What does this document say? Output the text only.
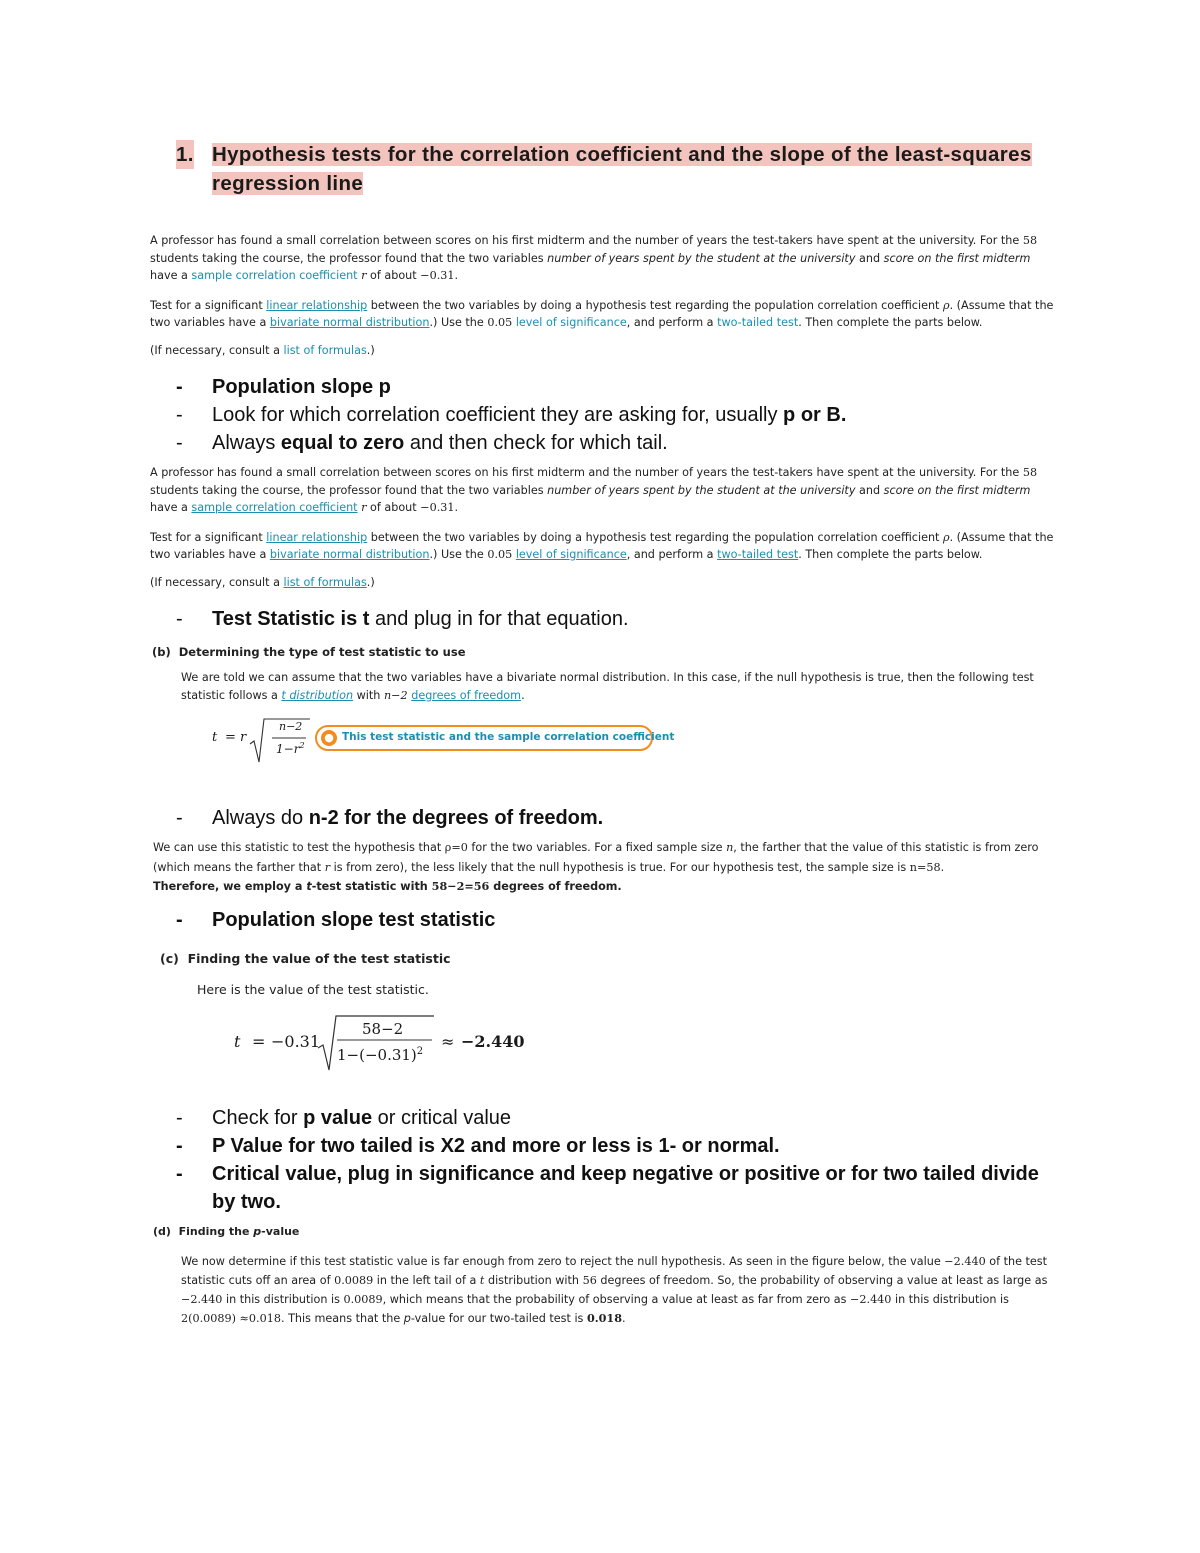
1. Hypothesis tests for the correlation coefficient and the slope of the least-squares regression line

A professor has found a small correlation between scores on his first midterm and the number of years the test-takers have spent at the university. For the 58 students taking the course, the professor found that the two variables number of years spent by the student at the university and score on the first midterm have a sample correlation coefficient r of about −0.31.

Test for a significant linear relationship between the two variables by doing a hypothesis test regarding the population correlation coefficient ρ. (Assume that the two variables have a bivariate normal distribution.) Use the 0.05 level of significance, and perform a two-tailed test. Then complete the parts below.

(If necessary, consult a list of formulas.)

- Population slope p
- Look for which correlation coefficient they are asking for, usually p or B.
- Always equal to zero and then check for which tail.

A professor has found a small correlation between scores on his first midterm and the number of years the test-takers have spent at the university. For the 58 students taking the course, the professor found that the two variables number of years spent by the student at the university and score on the first midterm have a sample correlation coefficient r of about −0.31.

Test for a significant linear relationship between the two variables by doing a hypothesis test regarding the population correlation coefficient ρ. (Assume that the two variables have a bivariate normal distribution.) Use the 0.05 level of significance, and perform a two-tailed test. Then complete the parts below.

(If necessary, consult a list of formulas.)

- Test Statistic is t and plug in for that equation.
(b) Determining the type of test statistic to use

We are told we can assume that the two variables have a bivariate normal distribution. In this case, if the null hypothesis is true, then the following test statistic follows a t distribution with n−2 degrees of freedom.

t = r
n−2
$1-r^2$
● This test statistic and the sample correlation coefficient
- Always do n-2 for the degrees of freedom.

We can use this statistic to test the hypothesis that ρ=0 for the two variables. For a fixed sample size n, the farther that the value of this statistic is from zero (which means the farther that r is from zero), the less likely that the null hypothesis is true. For our hypothesis test, the sample size is n=58.

Therefore, we employ a t-test statistic with 58−2=56 degrees of freedom.

- Population slope test statistic
(c) Finding the value of the test statistic
Here is the value of the test statistic.
t = −0.31
58−2
$1-(-0.31)^2$
≈ −2.440
- Check for p value or critical value
- P Value for two tailed is X2 and more or less is 1- or normal.
- Critical value, plug in significance and keep negative or positive or for two tailed divide by two.
(d) Finding the p-value

We now determine if this test statistic value is far enough from zero to reject the null hypothesis. As seen in the figure below, the value −2.440 of the test statistic cuts off an area of 0.0089 in the left tail of a t distribution with 56 degrees of freedom. So, the probability of observing a value at least as large as −2.440 in this distribution is 0.0089, which means that the probability of observing a value at least as far from zero as −2.440 in this distribution is 2(0.0089) ≈0.018. This means that the p-value for our two-tailed test is 0.018.
